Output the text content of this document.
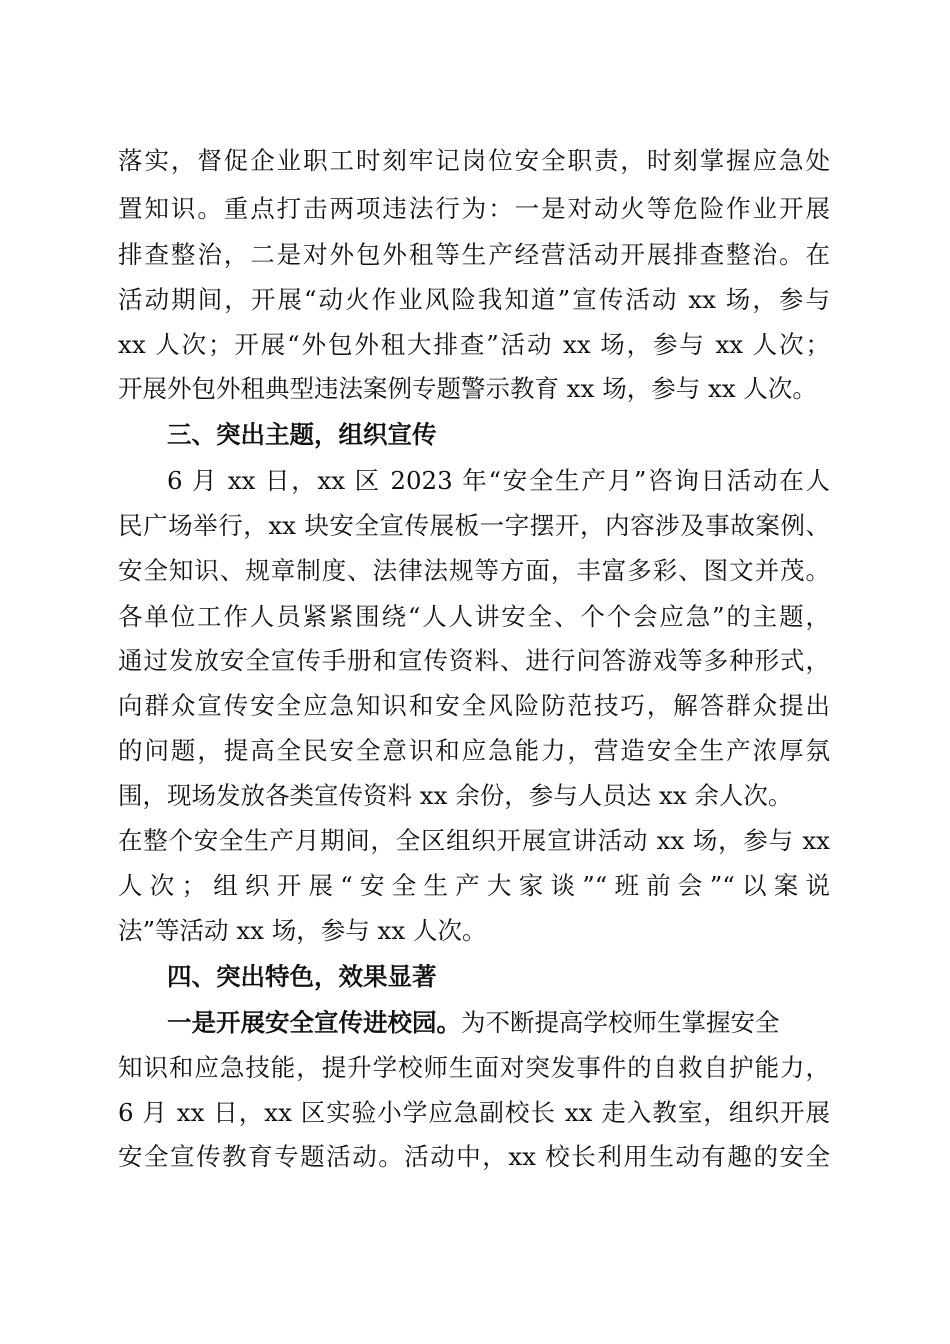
落实，督促企业职工时刻牢记岗位安全职责，时刻掌握应急处

置知识。重点打击两项违法行为：一是对动火等危险作业开展

排查整治，二是对外包外租等生产经营活动开展排查整治。在

活动期间，开展“动火作业风险我知道”宣传活动 xx 场，参与

xx 人次；开展“外包外租大排查”活动 xx 场，参与 xx 人次；

开展外包外租典型违法案例专题警示教育 xx 场，参与 xx 人次。

三、突出主题，组织宣传

6 月 xx 日，xx 区 2023 年“安全生产月”咨询日活动在人

民广场举行，xx 块安全宣传展板一字摆开，内容涉及事故案例、

安全知识、规章制度、法律法规等方面，丰富多彩、图文并茂。

各单位工作人员紧紧围绕“人人讲安全、个个会应急”的主题，

通过发放安全宣传手册和宣传资料、进行问答游戏等多种形式，

向群众宣传安全应急知识和安全风险防范技巧，解答群众提出

的问题，提高全民安全意识和应急能力，营造安全生产浓厚氛

围，现场发放各类宣传资料 xx 余份，参与人员达 xx 余人次。

在整个安全生产月期间，全区组织开展宣讲活动 xx 场，参与 xx

人次；组织开展“安全生产大家谈”“班前会”“以案说

法”等活动 xx 场，参与 xx 人次。

四、突出特色，效果显著

一是开展安全宣传进校园。为不断提高学校师生掌握安全

知识和应急技能，提升学校师生面对突发事件的自救自护能力，

6 月 xx 日，xx 区实验小学应急副校长 xx 走入教室，组织开展

安全宣传教育专题活动。活动中，xx 校长利用生动有趣的安全
